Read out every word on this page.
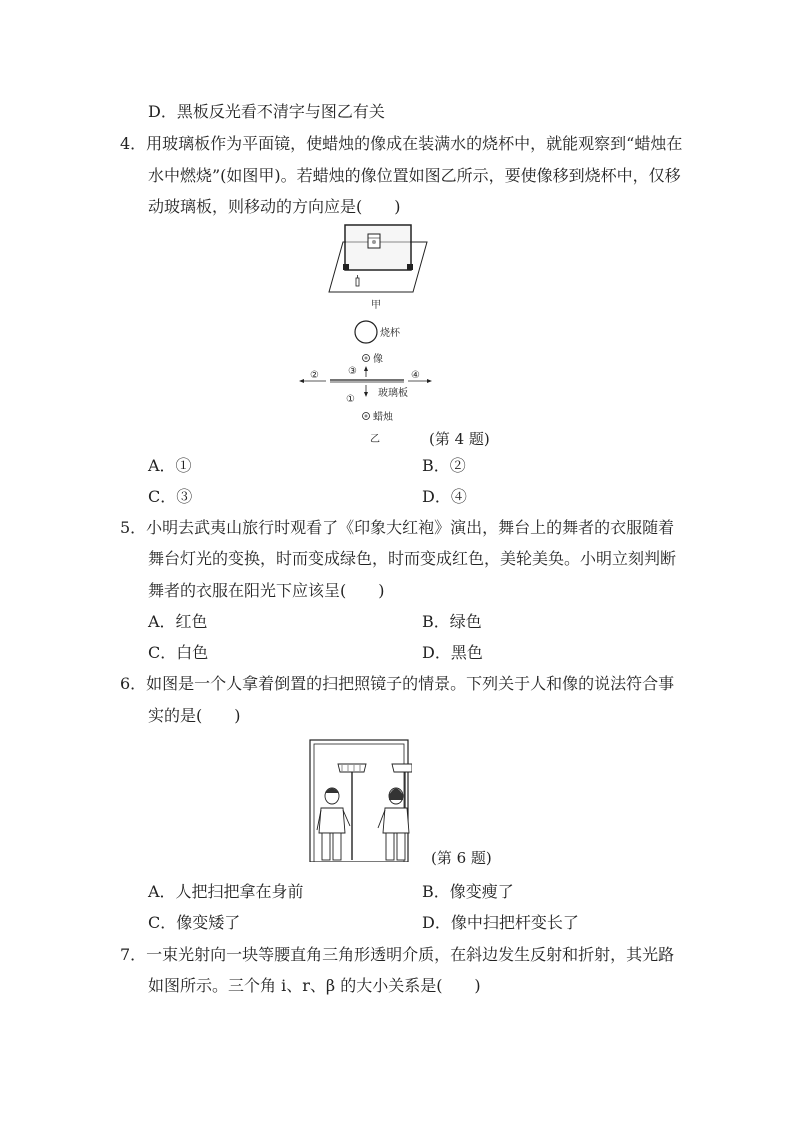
D．黑板反光看不清字与图乙有关
4．用玻璃板作为平面镜，使蜡烛的像成在装满水的烧杯中，就能观察到“蜡烛在
水中燃烧”(如图甲)。若蜡烛的像位置如图乙所示，要使像移到烧杯中，仅移
动玻璃板，则移动的方向应是(　　)
甲
烧杯
像
②	③	④
①
玻璃板
蜡烛
乙	(第 4 题)
A．①	B．②
C．③	D．④
5．小明去武夷山旅行时观看了《印象大红袍》演出，舞台上的舞者的衣服随着
舞台灯光的变换，时而变成绿色，时而变成红色，美轮美奂。小明立刻判断
舞者的衣服在阳光下应该呈(　　)
A．红色	B．绿色
C．白色	D．黑色
6．如图是一个人拿着倒置的扫把照镜子的情景。下列关于人和像的说法符合事
实的是(　　)
(第 6 题)
A．人把扫把拿在身前	B．像变瘦了
C．像变矮了	D．像中扫把杆变长了
7．一束光射向一块等腰直角三角形透明介质，在斜边发生反射和折射，其光路
如图所示。三个角 i、r、β 的大小关系是(　　)
